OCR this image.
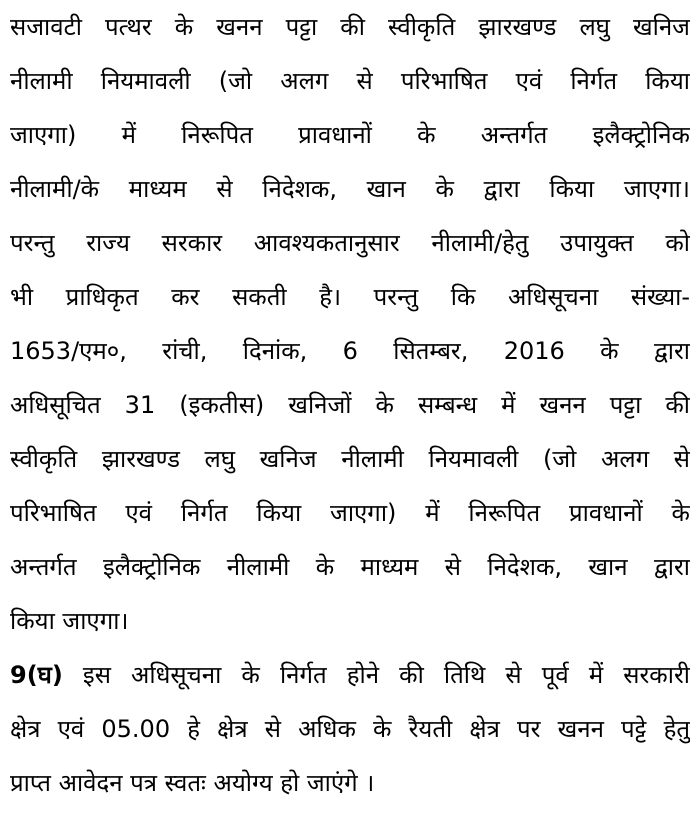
सजावटी पत्थर के खनन पट्टा की स्वीकृति झारखण्ड लघु खनिज
नीलामी नियमावली (जो अलग से परिभाषित एवं निर्गत किया
जाएगा) में निरूपित प्रावधानों के अन्तर्गत इलैक्ट्रोनिक
नीलामी/के माध्यम से निदेशक, खान के द्वारा किया जाएगा।
परन्तु राज्य सरकार आवश्यकतानुसार नीलामी/हेतु उपायुक्त को
भी प्राधिकृत कर सकती है। परन्तु कि अधिसूचना संख्या-
1653/एम०, रांची, दिनांक, 6 सितम्बर, 2016 के द्वारा
अधिसूचित 31 (इकतीस) खनिजों के सम्बन्ध में खनन पट्टा की
स्वीकृति झारखण्ड लघु खनिज नीलामी नियमावली (जो अलग से
परिभाषित एवं निर्गत किया जाएगा) में निरूपित प्रावधानों के
अन्तर्गत इलैक्ट्रोनिक नीलामी के माध्यम से निदेशक, खान द्वारा
किया जाएगा।
9(घ) इस अधिसूचना के निर्गत होने की तिथि से पूर्व में सरकारी
क्षेत्र एवं 05.00 हे क्षेत्र से अधिक के रैयती क्षेत्र पर खनन पट्टे हेतु
प्राप्त आवेदन पत्र स्वतः अयोग्य हो जाएंगे ।
